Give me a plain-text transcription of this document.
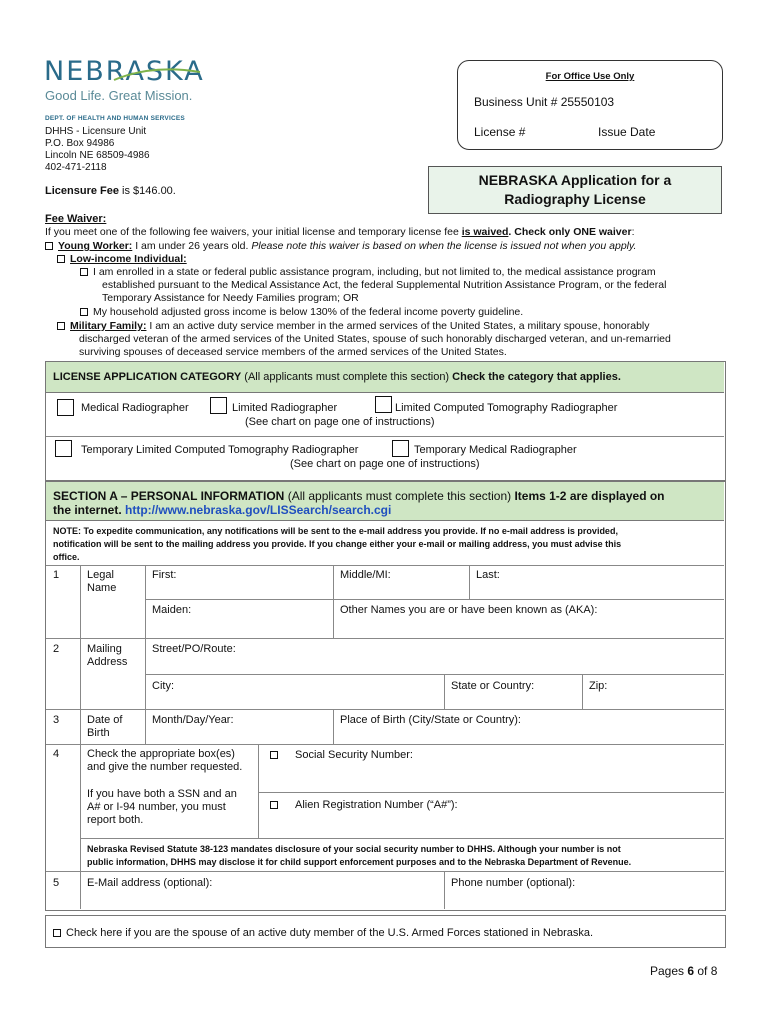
NEBRASKA
Good Life. Great Mission.
DEPT. OF HEALTH AND HUMAN SERVICES
DHHS - Licensure Unit
P.O. Box 94986
Lincoln NE 68509-4986
402-471-2118
For Office Use Only
Business Unit # 25550103
License #	Issue Date
NEBRASKA Application for a
Radiography License
Licensure Fee is $146.00.
Fee Waiver:
If you meet one of the following fee waivers, your initial license and temporary license fee is waived. Check only ONE waiver:
Young Worker: I am under 26 years old. Please note this waiver is based on when the license is issued not when you apply.
Low-income Individual:
I am enrolled in a state or federal public assistance program, including, but not limited to, the medical assistance program
established pursuant to the Medical Assistance Act, the federal Supplemental Nutrition Assistance Program, or the federal
Temporary Assistance for Needy Families program; OR
My household adjusted gross income is below 130% of the federal income poverty guideline.
Military Family: I am an active duty service member in the armed services of the United States, a military spouse, honorably
discharged veteran of the armed services of the United States, spouse of such honorably discharged veteran, and un-remarried
surviving spouses of deceased service members of the armed services of the United States.
LICENSE APPLICATION CATEGORY (All applicants must complete this section) Check the category that applies.
Medical Radiographer	Limited Radiographer	Limited Computed Tomography Radiographer
(See chart on page one of instructions)
Temporary Limited Computed Tomography Radiographer	Temporary Medical Radiographer
(See chart on page one of instructions)
SECTION A – PERSONAL INFORMATION (All applicants must complete this section) Items 1-2 are displayed on
the internet. http://www.nebraska.gov/LISSearch/search.cgi
NOTE: To expedite communication, any notifications will be sent to the e-mail address you provide. If no e-mail address is provided,
notification will be sent to the mailing address you provide. If you change either your e-mail or mailing address, you must advise this
office.
1	Legal
Name
First:	Middle/MI:	Last:
Maiden:	Other Names you are or have been known as (AKA):
2	Mailing
Address
Street/PO/Route:
City:	State or Country:	Zip:
3	Date of
Birth
Month/Day/Year:	Place of Birth (City/State or Country):
4	Check the appropriate box(es)
and give the number requested.
If you have both a SSN and an
A# or I-94 number, you must
report both.
Social Security Number:
Alien Registration Number (“A#”):
Nebraska Revised Statute 38-123 mandates disclosure of your social security number to DHHS. Although your number is not
public information, DHHS may disclose it for child support enforcement purposes and to the Nebraska Department of Revenue.
5	E-Mail address (optional):	Phone number (optional):
Check here if you are the spouse of an active duty member of the U.S. Armed Forces stationed in Nebraska.
Pages 6 of 8
